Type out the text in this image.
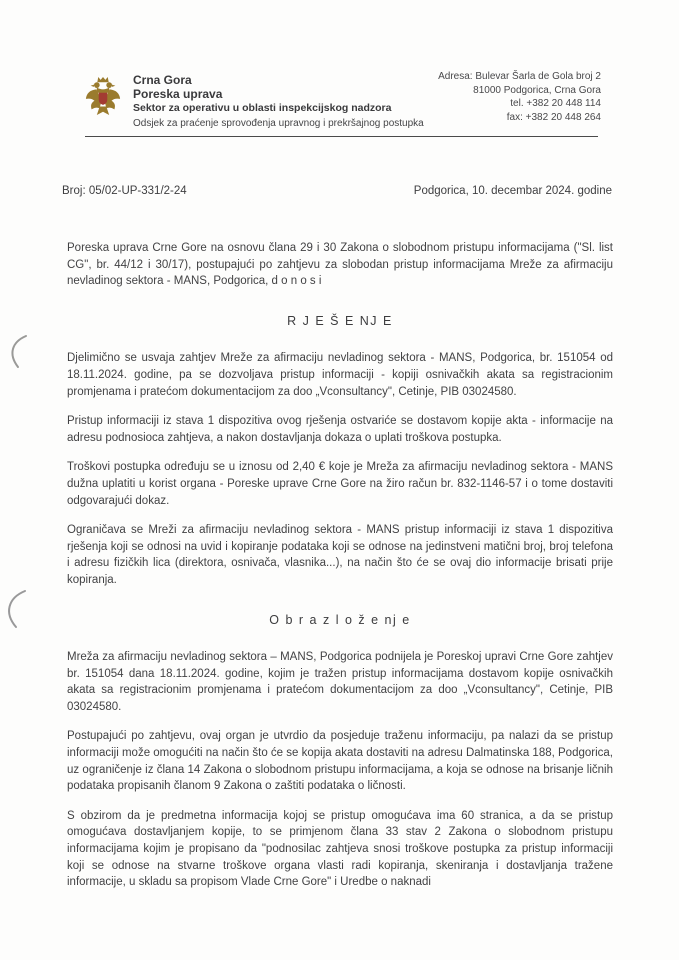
Crna Gora
Poreska uprava
Sektor za operativu u oblasti inspekcijskog nadzora
Odsjek za praćenje sprovođenja upravnog i prekršajnog postupka
Adresa: Bulevar Šarla de Gola broj 2
81000 Podgorica, Crna Gora
tel. +382 20 448 114
fax: +382 20 448 264
Broj: 05/02-UP-331/2-24	Podgorica, 10. decembar 2024. godine

Poreska uprava Crne Gore na osnovu člana 29 i 30 Zakona o slobodnom pristupu informacijama ("Sl. list CG", br. 44/12 i 30/17), postupajući po zahtjevu za slobodan pristup informacijama Mreže za afirmaciju nevladinog sektora - MANS, Podgorica, d o n o s i

R J E Š E NJ E

Djelimično se usvaja zahtjev Mreže za afirmaciju nevladinog sektora - MANS, Podgorica, br. 151054 od 18.11.2024. godine, pa se dozvoljava pristup informaciji - kopiji osnivačkih akata sa registracionim promjenama i pratećom dokumentacijom za doo „Vconsultancy", Cetinje, PIB 03024580.

Pristup informaciji iz stava 1 dispozitiva ovog rješenja ostvariće se dostavom kopije akta - informacije na adresu podnosioca zahtjeva, a nakon dostavljanja dokaza o uplati troškova postupka.

Troškovi postupka određuju se u iznosu od 2,40 € koje je Mreža za afirmaciju nevladinog sektora - MANS dužna uplatiti u korist organa - Poreske uprave Crne Gore na žiro račun br. 832-1146-57 i o tome dostaviti odgovarajući dokaz.

Ograničava se Mreži za afirmaciju nevladinog sektora - MANS pristup informaciji iz stava 1 dispozitiva rješenja koji se odnosi na uvid i kopiranje podataka koji se odnose na jedinstveni matični broj, broj telefona i adresu fizičkih lica (direktora, osnivača, vlasnika...), na način što će se ovaj dio informacije brisati prije kopiranja.

O b r a z l o ž e nj e

Mreža za afirmaciju nevladinog sektora – MANS, Podgorica podnijela je Poreskoj upravi Crne Gore zahtjev br. 151054 dana 18.11.2024. godine, kojim je tražen pristup informacijama dostavom kopije osnivačkih akata sa registracionim promjenama i pratećom dokumentacijom za doo „Vconsultancy", Cetinje, PIB 03024580.

Postupajući po zahtjevu, ovaj organ je utvrdio da posjeduje traženu informaciju, pa nalazi da se pristup informaciji može omogućiti na način što će se kopija akata dostaviti na adresu Dalmatinska 188, Podgorica, uz ograničenje iz člana 14 Zakona o slobodnom pristupu informacijama, a koja se odnose na brisanje ličnih podataka propisanih članom 9 Zakona o zaštiti podataka o ličnosti.

S obzirom da je predmetna informacija kojoj se pristup omogućava ima 60 stranica, a da se pristup omogućava dostavljanjem kopije, to se primjenom člana 33 stav 2 Zakona o slobodnom pristupu informacijama kojim je propisano da "podnosilac zahtjeva snosi troškove postupka za pristup informaciji koji se odnose na stvarne troškove organa vlasti radi kopiranja, skeniranja i dostavljanja tražene informacije, u skladu sa propisom Vlade Crne Gore" i Uredbe o naknadi
